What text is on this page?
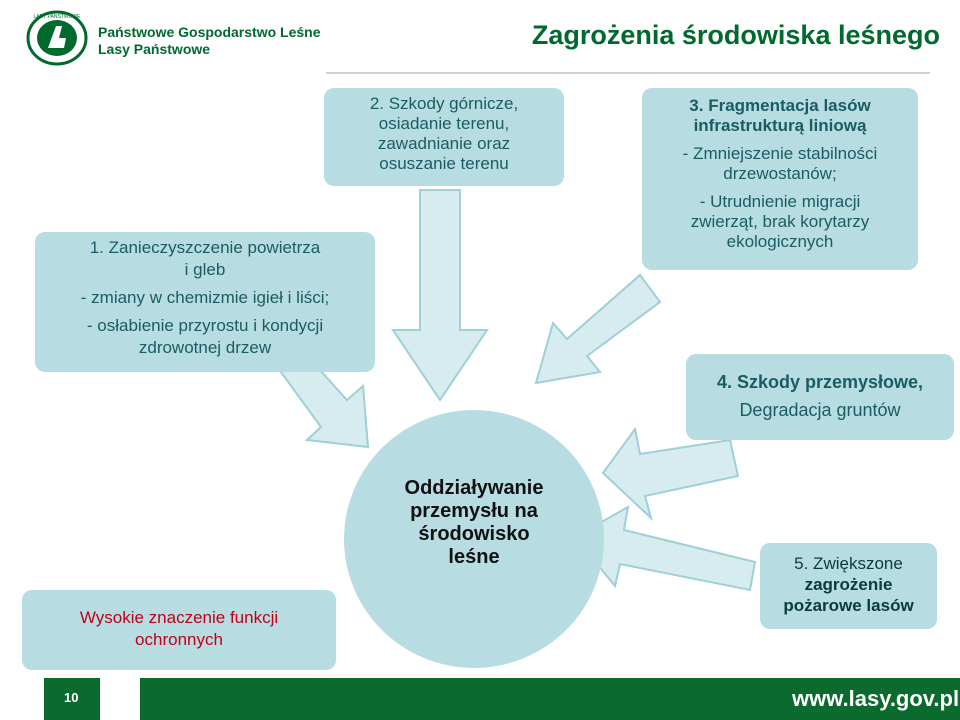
LASY PAŃSTWOWE
Państwowe Gospodarstwo Leśne
Lasy Państwowe	Zagrożenia środowiska leśnego

1. Zanieczyszczenie powietrza

i gleb

- zmiany w chemizmie igieł i liści;

- osłabienie przyrostu i kondycji

zdrowotnej drzew

2. Szkody górnicze,

osiadanie terenu,

zawadnianie oraz

osuszanie terenu

3. Fragmentacja lasów

infrastrukturą liniową

- Zmniejszenie stabilności

drzewostanów;

- Utrudnienie migracji

zwierząt, brak korytarzy

ekologicznych

4. Szkody przemysłowe,

Degradacja gruntów

5. Zwiększone

zagrożenie

pożarowe lasów

Wysokie znaczenie funkcji

ochronnych

Oddziaływanie
przemysłu na
środowisko
leśne
10	www.lasy.gov.pl
